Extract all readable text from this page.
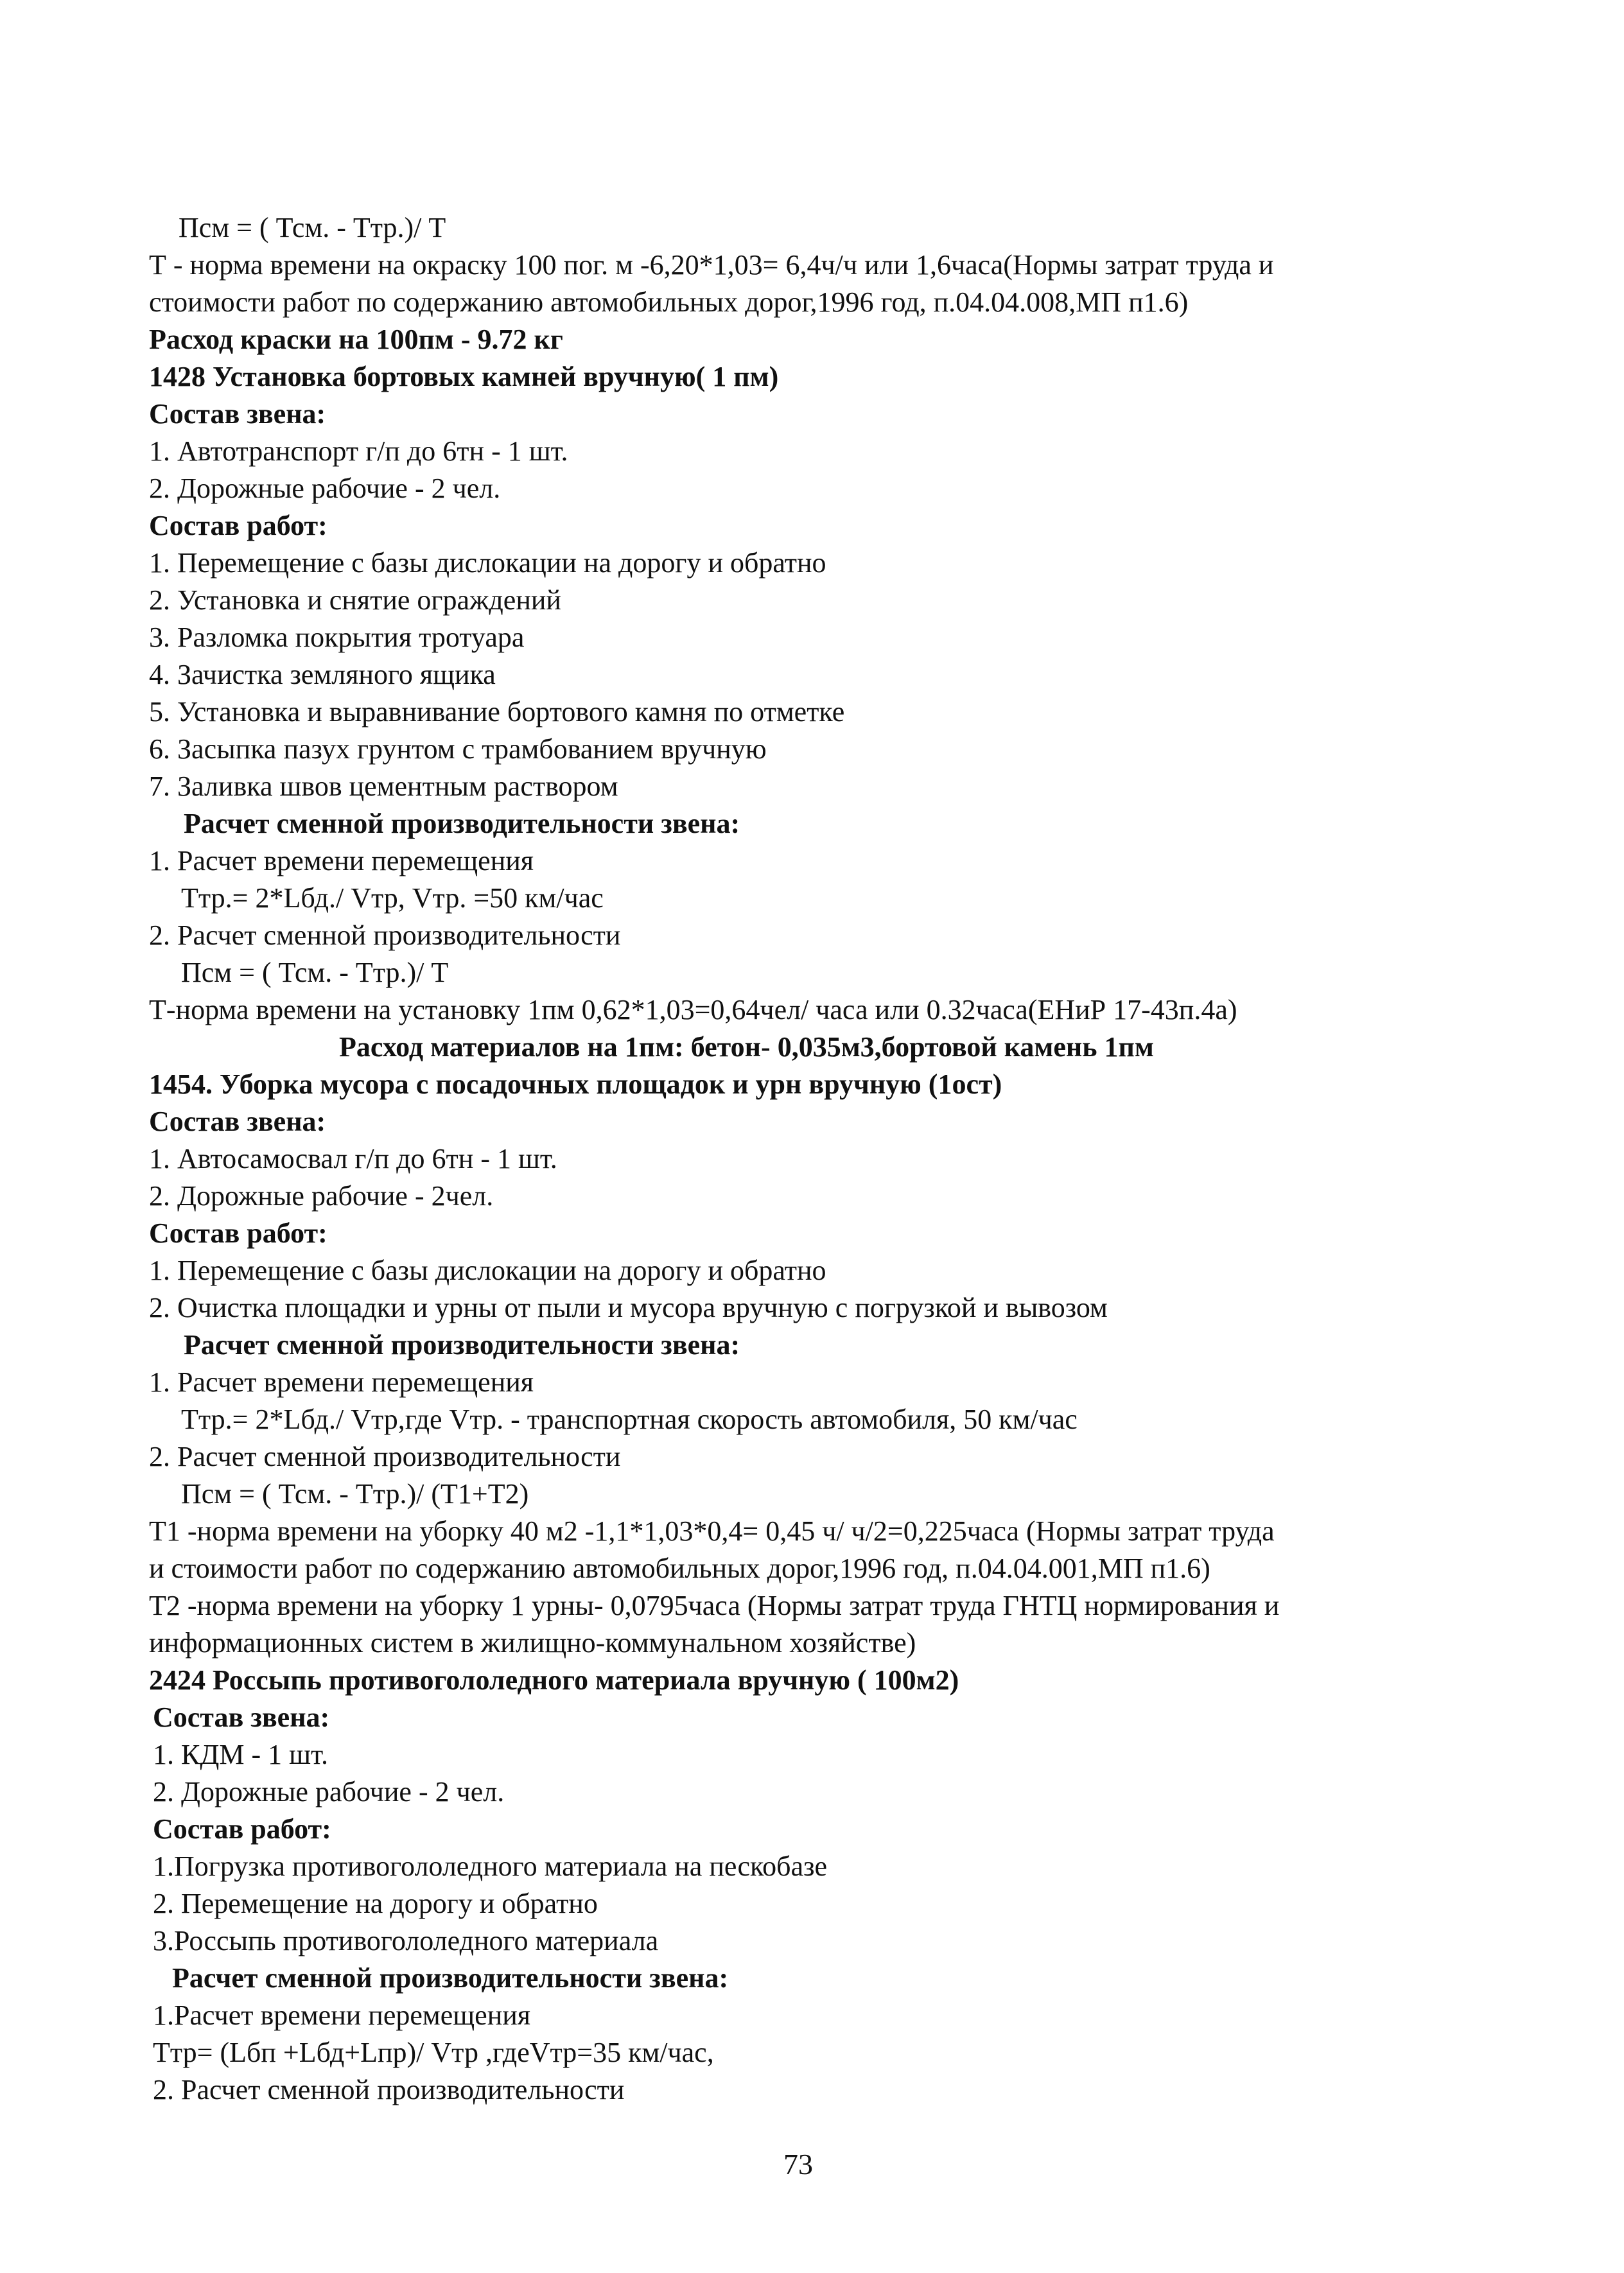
Псм = ( Тсм. - Ттр.)/ Т
Т - норма времени на окраску 100 пог. м -6,20*1,03= 6,4ч/ч или 1,6часа(Нормы затрат труда и
стоимости работ по содержанию автомобильных дорог,1996 год, п.04.04.008,МП п1.6)
Расход краски на 100пм - 9.72 кг
1428 Установка бортовых камней вручную( 1 пм)
Состав звена:
1. Автотранспорт г/п до 6тн - 1 шт.
2. Дорожные рабочие - 2 чел.
Состав работ:
1. Перемещение с базы дислокации на дорогу и обратно
2. Установка и снятие ограждений
3. Разломка покрытия тротуара
4. Зачистка земляного ящика
5. Установка и выравнивание бортового камня по отметке
6. Засыпка пазух грунтом с трамбованием вручную
7. Заливка швов цементным раствором
Расчет сменной производительности звена:
1. Расчет времени перемещения
Ттр.= 2*Lбд./ Vтр, Vтр. =50 км/час
2. Расчет сменной производительности
Псм = ( Тсм. - Ттр.)/ Т
Т-норма времени на установку 1пм 0,62*1,03=0,64чел/ часа или 0.32часа(ЕНиР 17-43п.4а)
Расход материалов на 1пм: бетон- 0,035м3,бортовой камень 1пм
1454. Уборка мусора с посадочных площадок и урн вручную (1ост)
Состав звена:
1. Автосамосвал г/п до 6тн - 1 шт.
2. Дорожные рабочие - 2чел.
Состав работ:
1. Перемещение с базы дислокации на дорогу и обратно
2. Очистка площадки и урны от пыли и мусора вручную с погрузкой и вывозом
Расчет сменной производительности звена:
1. Расчет времени перемещения
Ттр.= 2*Lбд./ Vтр,где Vтр. - транспортная скорость автомобиля, 50 км/час
2. Расчет сменной производительности
Псм = ( Тсм. - Ттр.)/ (Т1+Т2)
Т1 -норма времени на уборку 40 м2 -1,1*1,03*0,4= 0,45 ч/ ч/2=0,225часа (Нормы затрат труда
и стоимости работ по содержанию автомобильных дорог,1996 год, п.04.04.001,МП п1.6)
Т2 -норма времени на уборку 1 урны- 0,0795часа (Нормы затрат труда ГНТЦ нормирования и
информационных систем в жилищно-коммунальном хозяйстве)
2424 Россыпь противогололедного материала вручную ( 100м2)
Состав звена:
1. КДМ - 1 шт.
2. Дорожные рабочие - 2 чел.
Состав работ:
1.Погрузка противогололедного материала на пескобазе
2. Перемещение на дорогу и обратно
3.Россыпь противогололедного материала
Расчет сменной производительности звена:
1.Расчет времени перемещения
Ттр= (Lбп +Lбд+Lпр)/ Vтр ,гдеVтр=35 км/час,
2. Расчет сменной производительности
73
